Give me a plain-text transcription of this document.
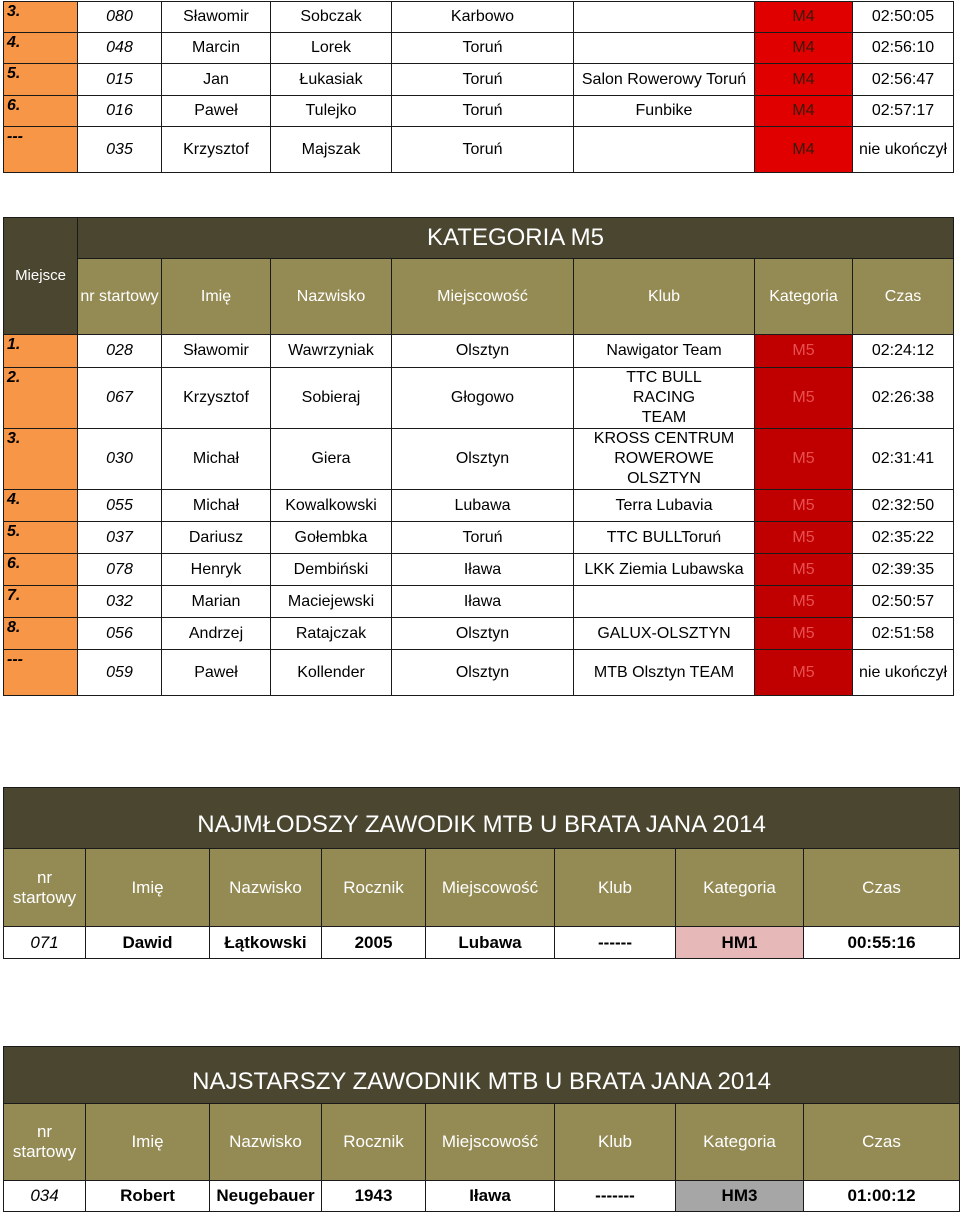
3.	080	Sławomir	Sobczak	Karbowo		M4	02:50:05
4.	048	Marcin	Lorek	Toruń		M4	02:56:10
5.	015	Jan	Łukasiak	Toruń	Salon Rowerowy Toruń	M4	02:56:47
6.	016	Paweł	Tulejko	Toruń	Funbike	M4	02:57:17
---	035	Krzysztof	Majszak	Toruń		M4	nie ukończył
Miejsce	KATEGORIA M5						
	nr startowy	Imię	Nazwisko	Miejscowość	Klub	Kategoria	Czas
1.	028	Sławomir	Wawrzyniak	Olsztyn	Nawigator Team	M5	02:24:12
2.	067	Krzysztof	Sobieraj	Głogowo	TTC BULL RACING TEAM	M5	02:26:38
3.	030	Michał	Giera	Olsztyn	KROSS CENTRUM ROWEROWE OLSZTYN	M5	02:31:41
4.	055	Michał	Kowalkowski	Lubawa	Terra Lubavia	M5	02:32:50
5.	037	Dariusz	Gołembka	Toruń	TTC BULLToruń	M5	02:35:22
6.	078	Henryk	Dembiński	Iława	LKK Ziemia Lubawska	M5	02:39:35
7.	032	Marian	Maciejewski	Iława		M5	02:50:57
8.	056	Andrzej	Ratajczak	Olsztyn	GALUX-OLSZTYN	M5	02:51:58
---	059	Paweł	Kollender	Olsztyn	MTB Olsztyn TEAM	M5	nie ukończył
NAJMŁODSZY ZAWODIK MTB U BRATA JANA 2014							
nr startowy	Imię	Nazwisko	Rocznik	Miejscowość	Klub	Kategoria	Czas
071	Dawid	Łątkowski	2005	Lubawa	------	HM1	00:55:16
NAJSTARSZY ZAWODNIK MTB U BRATA JANA 2014							
nr startowy	Imię	Nazwisko	Rocznik	Miejscowość	Klub	Kategoria	Czas
034	Robert	Neugebauer	1943	Iława	-------	HM3	01:00:12
